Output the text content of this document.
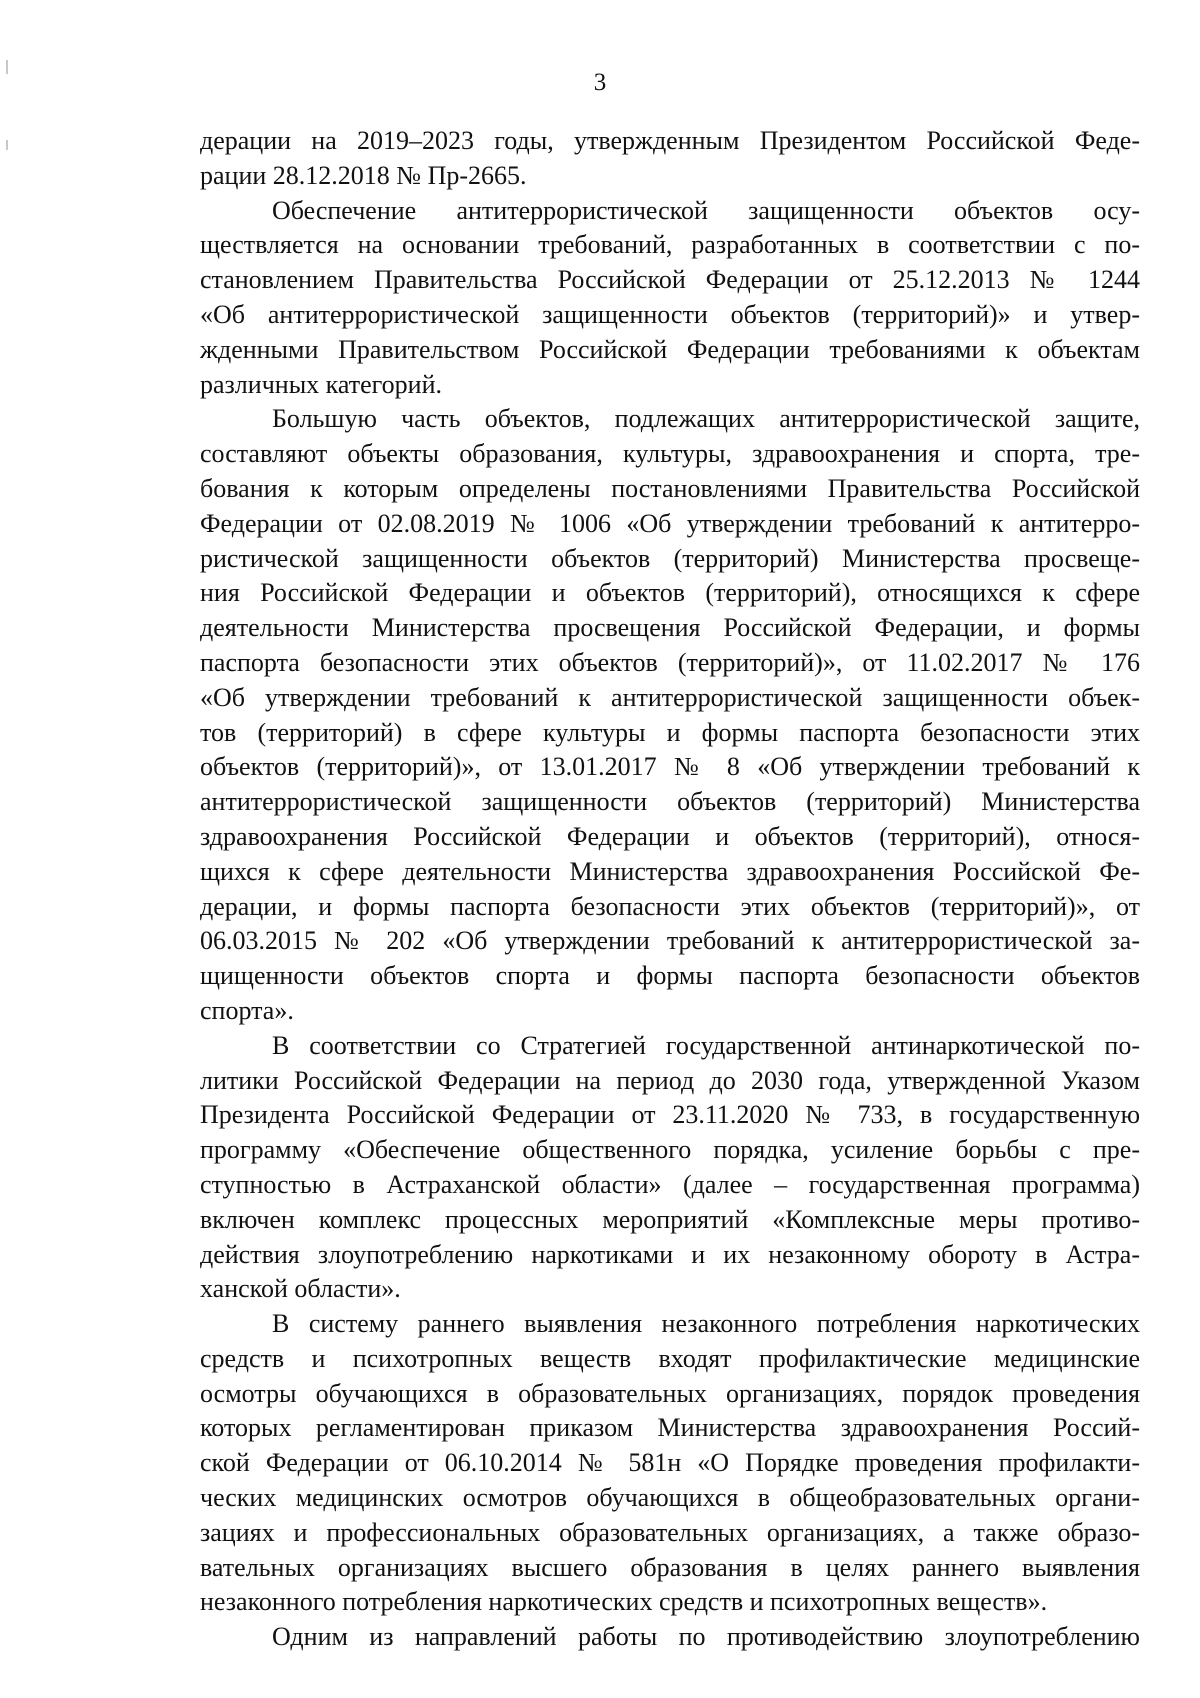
3
дерации на 2019–2023 годы, утвержденным Президентом Российской Феде-
рации 28.12.2018 № Пр-2665.
Обеспечение антитеррористической защищенности объектов осу-
ществляется на основании требований, разработанных в соответствии с по-
становлением Правительства Российской Федерации от 25.12.2013 № 1244
«Об антитеррористической защищенности объектов (территорий)» и утвер-
жденными Правительством Российской Федерации требованиями к объектам
различных категорий.
Большую часть объектов, подлежащих антитеррористической защите,
составляют объекты образования, культуры, здравоохранения и спорта, тре-
бования к которым определены постановлениями Правительства Российской
Федерации от 02.08.2019 № 1006 «Об утверждении требований к антитерро-
ристической защищенности объектов (территорий) Министерства просвеще-
ния Российской Федерации и объектов (территорий), относящихся к сфере
деятельности Министерства просвещения Российской Федерации, и формы
паспорта безопасности этих объектов (территорий)», от 11.02.2017 № 176
«Об утверждении требований к антитеррористической защищенности объек-
тов (территорий) в сфере культуры и формы паспорта безопасности этих
объектов (территорий)», от 13.01.2017 № 8 «Об утверждении требований к
антитеррористической защищенности объектов (территорий) Министерства
здравоохранения Российской Федерации и объектов (территорий), относя-
щихся к сфере деятельности Министерства здравоохранения Российской Фе-
дерации, и формы паспорта безопасности этих объектов (территорий)», от
06.03.2015 № 202 «Об утверждении требований к антитеррористической за-
щищенности объектов спорта и формы паспорта безопасности объектов
спорта».
В соответствии со Стратегией государственной антинаркотической по-
литики Российской Федерации на период до 2030 года, утвержденной Указом
Президента Российской Федерации от 23.11.2020 № 733, в государственную
программу «Обеспечение общественного порядка, усиление борьбы с пре-
ступностью в Астраханской области» (далее – государственная программа)
включен комплекс процессных мероприятий «Комплексные меры противо-
действия злоупотреблению наркотиками и их незаконному обороту в Астра-
ханской области».
В систему раннего выявления незаконного потребления наркотических
средств и психотропных веществ входят профилактические медицинские
осмотры обучающихся в образовательных организациях, порядок проведения
которых регламентирован приказом Министерства здравоохранения Россий-
ской Федерации от 06.10.2014 № 581н «О Порядке проведения профилакти-
ческих медицинских осмотров обучающихся в общеобразовательных органи-
зациях и профессиональных образовательных организациях, а также образо-
вательных организациях высшего образования в целях раннего выявления
незаконного потребления наркотических средств и психотропных веществ».
Одним из направлений работы по противодействию злоупотреблению
